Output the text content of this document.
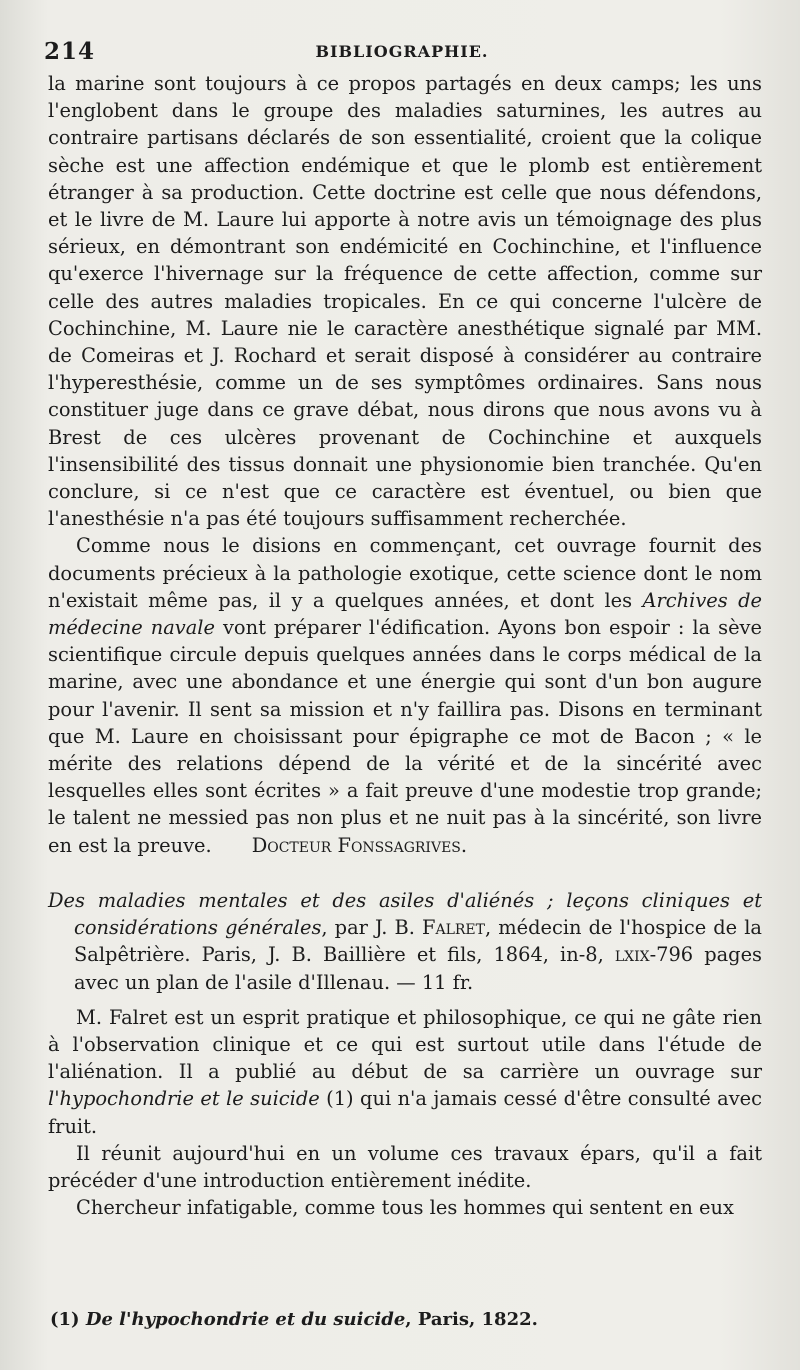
214	BIBLIOGRAPHIE.

la marine sont toujours à ce propos partagés en deux camps; les uns l'englobent dans le groupe des maladies saturnines, les autres au contraire partisans déclarés de son essentialité, croient que la colique sèche est une affection endémique et que le plomb est entièrement étranger à sa production. Cette doctrine est celle que nous défendons, et le livre de M. Laure lui apporte à notre avis un témoignage des plus sérieux, en démontrant son endémicité en Cochinchine, et l'influence qu'exerce l'hivernage sur la fréquence de cette affection, comme sur celle des autres maladies tropicales. En ce qui concerne l'ulcère de Cochinchine, M. Laure nie le caractère anesthétique signalé par MM. de Comeiras et J. Rochard et serait disposé à considérer au contraire l'hyperesthésie, comme un de ses symptômes ordinaires. Sans nous constituer juge dans ce grave débat, nous dirons que nous avons vu à Brest de ces ulcères provenant de Cochinchine et auxquels l'insensibilité des tissus donnait une physionomie bien tranchée. Qu'en conclure, si ce n'est que ce caractère est éventuel, ou bien que l'anesthésie n'a pas été toujours suffisamment recherchée.

Comme nous le disions en commençant, cet ouvrage fournit des documents précieux à la pathologie exotique, cette science dont le nom n'existait même pas, il y a quelques années, et dont les Archives de médecine navale vont préparer l'édification. Ayons bon espoir : la sève scientifique circule depuis quelques années dans le corps médical de la marine, avec une abondance et une énergie qui sont d'un bon augure pour l'avenir. Il sent sa mission et n'y faillira pas. Disons en terminant que M. Laure en choisissant pour épigraphe ce mot de Bacon ; « le mérite des relations dépend de la vérité et de la sincérité avec lesquelles elles sont écrites » a fait preuve d'une modestie trop grande; le talent ne messied pas non plus et ne nuit pas à la sincérité, son livre en est la preuve. Docteur Fonssagrives.

Des maladies mentales et des asiles d'aliénés ; leçons cliniques et considérations générales, par J. B. Falret, médecin de l'hospice de la Salpêtrière. Paris, J. B. Baillière et fils, 1864, in-8, lxix-796 pages avec un plan de l'asile d'Illenau. — 11 fr.

M. Falret est un esprit pratique et philosophique, ce qui ne gâte rien à l'observation clinique et ce qui est surtout utile dans l'étude de l'aliénation. Il a publié au début de sa carrière un ouvrage sur l'hypochondrie et le suicide (1) qui n'a jamais cessé d'être consulté avec fruit.

Il réunit aujourd'hui en un volume ces travaux épars, qu'il a fait précéder d'une introduction entièrement inédite.

Chercheur infatigable, comme tous les hommes qui sentent en eux

(1) De l'hypochondrie et du suicide, Paris, 1822.
